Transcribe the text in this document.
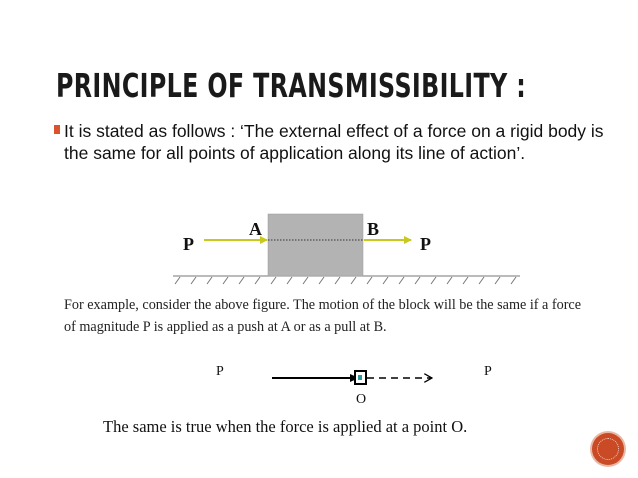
PRINCIPLE OF TRANSMISSIBILITY :
It is stated as follows : ‘The external effect of a force on a rigid body is the same for all points of application along its line of action’.
A	B
P	P
P	P
O
For example, consider the above figure. The motion of the block will be the same if a force of magnitude P is applied as a push at A or as a pull at B.
The same is true when the force is applied at a point O.
